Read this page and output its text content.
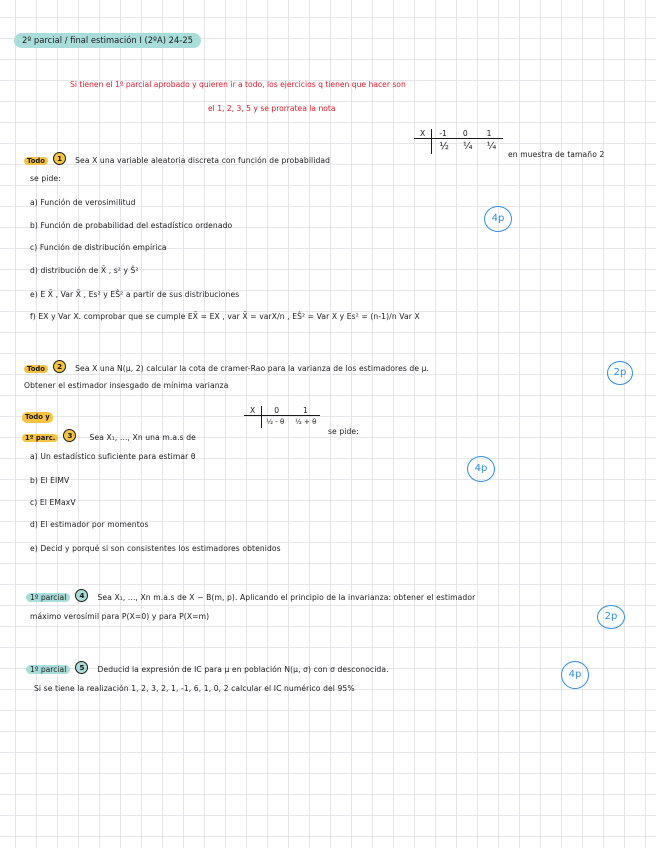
2º parcial / final estimación I (2ºA) 24-25
Si tienen el 1º parcial aprobado y quieren ir a todo, los ejercicios q tienen que hacer son
el 1, 2, 3, 5 y se prorratea la nota
Todo 1 Sea X una variable aleatoria discreta con función de probabilidad
X	-1	0	1
	½	¼	¼
en muestra de tamaño 2
se pide:
a) Función de verosimilitud
b) Función de probabilidad del estadístico ordenado
c) Función de distribución empírica
d) distribución de X̄ , s² y Ŝ²
e) E X̄ , Var X̄ , Es² y EŜ² a partir de sus distribuciones
f) EX y Var X. comprobar que se cumple EX̄ = EX , var X̄ = varX/n , EŜ² = Var X y Es² = (n-1)/n Var X
4p
Todo 2 Sea X una N(μ, 2) calcular la cota de cramer-Rao para la varianza de los estimadores de μ.
Obtener el estimador insesgado de mínima varianza
2p
Todo y
1º parc. 3 Sea X₁, ..., Xn una m.a.s de
X	0	1
	½ - θ	½ + θ
se pide:
a) Un estadístico suficiente para estimar θ
b) El EIMV
c) El EMaxV
d) El estimador por momentos
e) Decid y porqué si son consistentes los estimadores obtenidos
4p
1º parcial 4 Sea X₁, ..., Xn m.a.s de X ~ B(m, p). Aplicando el principio de la invarianza: obtener el estimador
máximo verosímil para P(X=0) y para P(X=m)	2p
1º parcial 5 Deducid la expresión de IC para μ en población N(μ, σ) con σ desconocida.
Si se tiene la realización 1, 2, 3, 2, 1, -1, 6, 1, 0, 2 calcular el IC numérico del 95%
4p
